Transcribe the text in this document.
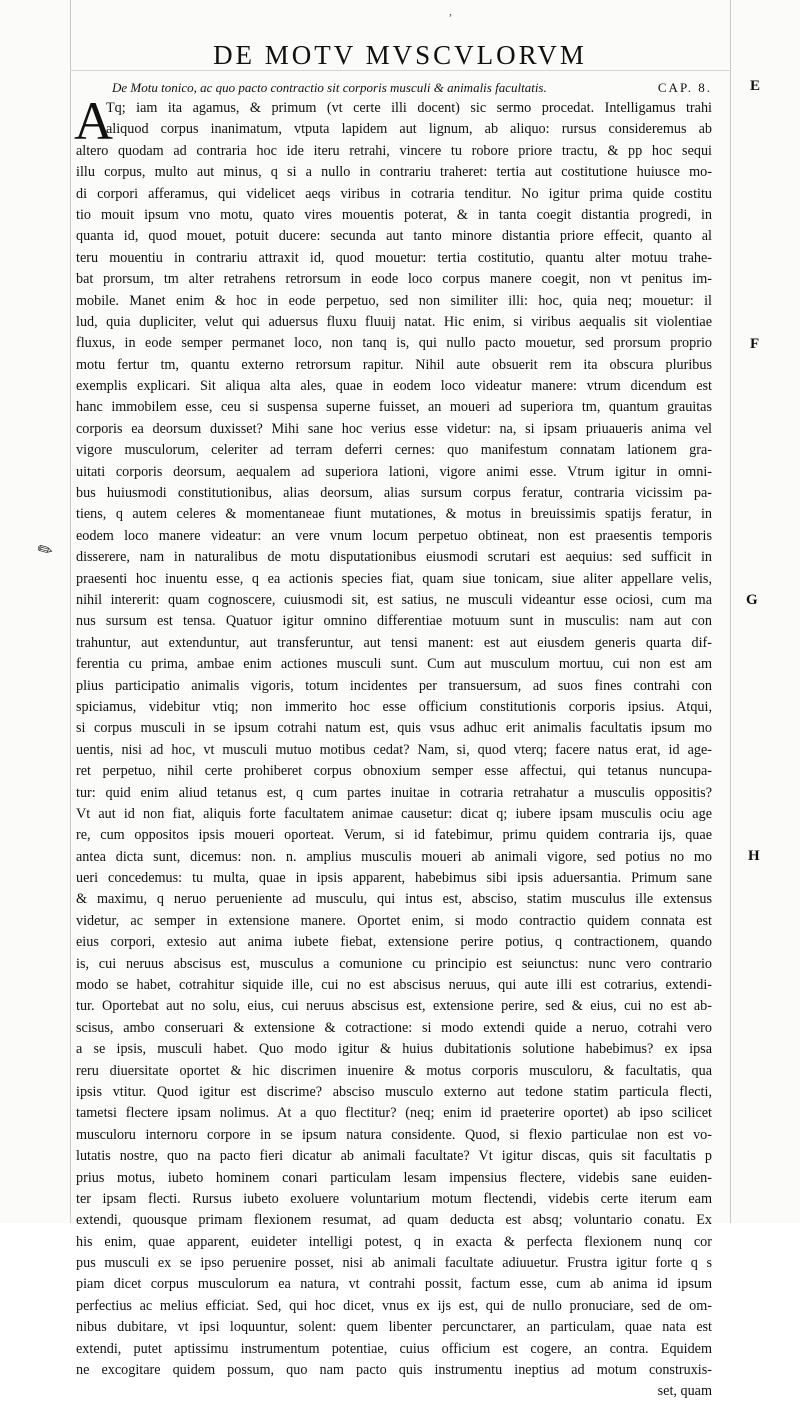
,
DE MOTV MVSCVLORVM
De Motu tonico, ac quo pacto contractio sit corporis musculi & animalis facultatis.	CAP. 8.
A
Tq; iam ita agamus, & primum (vt certe illi docent) sic sermo procedat. Intelligamus trahi
aliquod corpus inanimatum, vtputa lapidem aut lignum, ab aliquo: rursus consideremus ab
altero quodam ad contraria hoc ide iteru retrahi, vincere tu robore priore tractu, & pp hoc sequi
illu corpus, multo aut minus, q si a nullo in contrariu traheret: tertia aut costitutione huiusce mo-
di corpori afferamus, qui videlicet aeqs viribus in cotraria tenditur. No igitur prima quide costitu
tio mouit ipsum vno motu, quato vires mouentis poterat, & in tanta coegit distantia progredi, in
quanta id, quod mouet, potuit ducere: secunda aut tanto minore distantia priore effecit, quanto al
teru mouentiu in contrariu attraxit id, quod mouetur: tertia costitutio, quantu alter motuu trahe-
bat prorsum, tm alter retrahens retrorsum in eode loco corpus manere coegit, non vt penitus im-
mobile. Manet enim & hoc in eode perpetuo, sed non similiter illi: hoc, quia neq; mouetur: il
lud, quia dupliciter, velut qui aduersus fluxu fluuij natat. Hic enim, si viribus aequalis sit violentiae
fluxus, in eode semper permanet loco, non tanq is, qui nullo pacto mouetur, sed prorsum proprio
motu fertur tm, quantu externo retrorsum rapitur. Nihil aute obsuerit rem ita obscura pluribus
exemplis explicari. Sit aliqua alta ales, quae in eodem loco videatur manere: vtrum dicendum est
hanc immobilem esse, ceu si suspensa superne fuisset, an moueri ad superiora tm, quantum grauitas
corporis ea deorsum duxisset? Mihi sane hoc verius esse videtur: na, si ipsam priuaueris anima vel
vigore musculorum, celeriter ad terram deferri cernes: quo manifestum connatam lationem gra-
uitati corporis deorsum, aequalem ad superiora lationi, vigore animi esse. Vtrum igitur in omni-
bus huiusmodi constitutionibus, alias deorsum, alias sursum corpus feratur, contraria vicissim pa-
tiens, q autem celeres & momentaneae fiunt mutationes, & motus in breuissimis spatijs feratur, in
eodem loco manere videatur: an vere vnum locum perpetuo obtineat, non est praesentis temporis
disserere, nam in naturalibus de motu disputationibus eiusmodi scrutari est aequius: sed sufficit in
praesenti hoc inuentu esse, q ea actionis species fiat, quam siue tonicam, siue aliter appellare velis,
nihil intererit: quam cognoscere, cuiusmodi sit, est satius, ne musculi videantur esse ociosi, cum ma
nus sursum est tensa. Quatuor igitur omnino differentiae motuum sunt in musculis: nam aut con
trahuntur, aut extenduntur, aut transferuntur, aut tensi manent: est aut eiusdem generis quarta dif-
ferentia cu prima, ambae enim actiones musculi sunt. Cum aut musculum mortuu, cui non est am
plius participatio animalis vigoris, totum incidentes per transuersum, ad suos fines contrahi con
spiciamus, videbitur vtiq; non immerito hoc esse officium constitutionis corporis ipsius. Atqui,
si corpus musculi in se ipsum cotrahi natum est, quis vsus adhuc erit animalis facultatis ipsum mo
uentis, nisi ad hoc, vt musculi mutuo motibus cedat? Nam, si, quod vterq; facere natus erat, id age-
ret perpetuo, nihil certe prohiberet corpus obnoxium semper esse affectui, qui tetanus nuncupa-
tur: quid enim aliud tetanus est, q cum partes inuitae in cotraria retrahatur a musculis oppositis?
Vt aut id non fiat, aliquis forte facultatem animae causetur: dicat q; iubere ipsam musculis ociu age
re, cum oppositos ipsis moueri oporteat. Verum, si id fatebimur, primu quidem contraria ijs, quae
antea dicta sunt, dicemus: non. n. amplius musculis moueri ab animali vigore, sed potius no mo
ueri concedemus: tu multa, quae in ipsis apparent, habebimus sibi ipsis aduersantia. Primum sane
& maximu, q neruo perueniente ad musculu, qui intus est, absciso, statim musculus ille extensus
videtur, ac semper in extensione manere. Oportet enim, si modo contractio quidem connata est
eius corpori, extesio aut anima iubete fiebat, extensione perire potius, q contractionem, quando
is, cui neruus abscisus est, musculus a comunione cu principio est seiunctus: nunc vero contrario
modo se habet, cotrahitur siquide ille, cui no est abscisus neruus, qui aute illi est cotrarius, extendi-
tur. Oportebat aut no solu, eius, cui neruus abscisus est, extensione perire, sed & eius, cui no est ab-
scisus, ambo conseruari & extensione & cotractione: si modo extendi quide a neruo, cotrahi vero
a se ipsis, musculi habet. Quo modo igitur & huius dubitationis solutione habebimus? ex ipsa
reru diuersitate oportet & hic discrimen inuenire & motus corporis musculoru, & facultatis, qua
ipsis vtitur. Quod igitur est discrime? absciso musculo externo aut tedone statim particula flecti,
tametsi flectere ipsam nolimus. At a quo flectitur? (neq; enim id praeterire oportet) ab ipso scilicet
musculoru internoru corpore in se ipsum natura considente. Quod, si flexio particulae non est vo-
lutatis nostre, quo na pacto fieri dicatur ab animali facultate? Vt igitur discas, quis sit facultatis p
prius motus, iubeto hominem conari particulam lesam impensius flectere, videbis sane euiden-
ter ipsam flecti. Rursus iubeto exoluere voluntarium motum flectendi, videbis certe iterum eam
extendi, quousque primam flexionem resumat, ad quam deducta est absq; voluntario conatu. Ex
his enim, quae apparent, euideter intelligi potest, q in exacta & perfecta flexionem nunq cor
pus musculi ex se ipso peruenire posset, nisi ab animali facultate adiuuetur. Frustra igitur forte q s
piam dicet corpus musculorum ea natura, vt contrahi possit, factum esse, cum ab anima id ipsum
perfectius ac melius efficiat. Sed, qui hoc dicet, vnus ex ijs est, qui de nullo pronuciare, sed de om-
nibus dubitare, vt ipsi loquuntur, solent: quem libenter percunctarer, an particulam, quae nata est
extendi, putet aptissimu instrumentum potentiae, cuius officium est cogere, an contra. Equidem
ne excogitare quidem possum, quo nam pacto quis instrumentu ineptius ad motum construxis-
set, quam
E
F
G
H
✎
